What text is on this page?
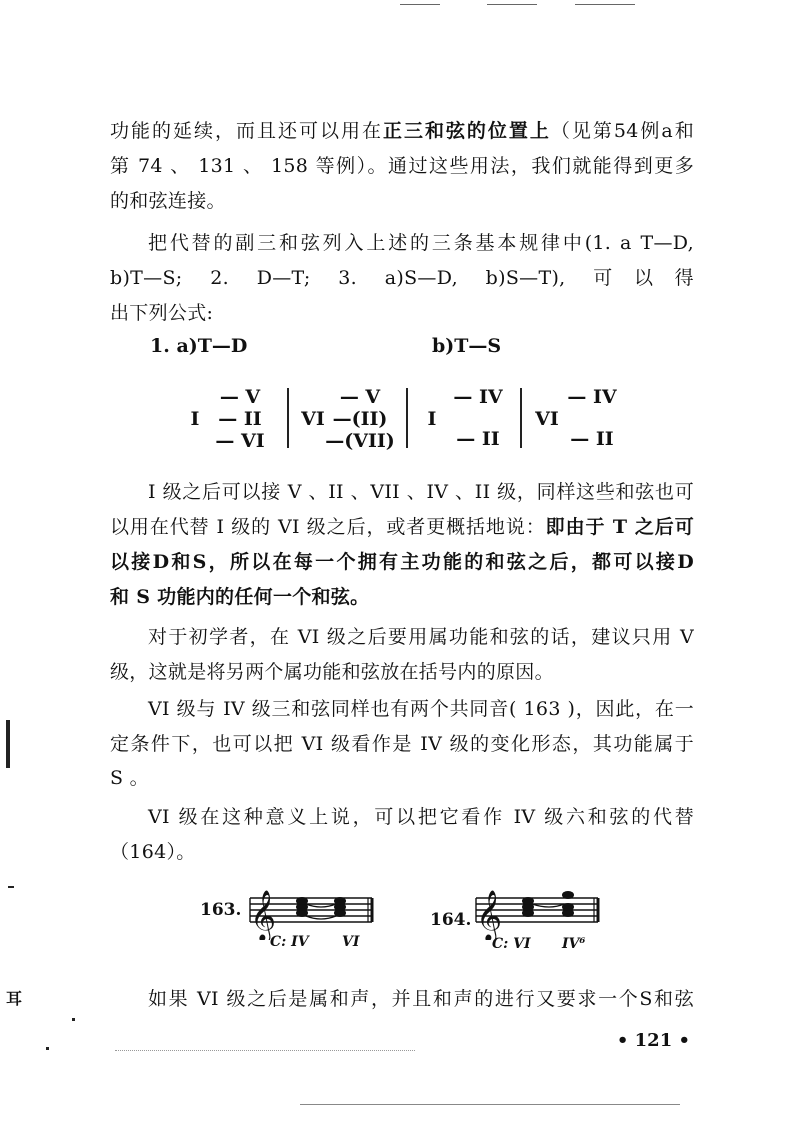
功能的延续，而且还可以用在正三和弦的位置上（见第54例a和
第 74 、 131 、 158 等例）。通过这些用法，我们就能得到更多
的和弦连接。
把代替的副三和弦列入上述的三条基本规律中(1. a T—D,
b)T—S; 2. D—T; 3. a)S—D, b)S—T), 可以得
出下列公式:
1. a)T—D	b)T—S
I
— V
— II
— VI
VI
— V
—(II)
—(VII)
I
— IV
— II
VI
— IV
— II
I 级之后可以接 V 、II 、VII 、IV 、II 级，同样这些和弦也可
以用在代替 I 级的 VI 级之后，或者更概括地说：即由于 T 之后可
以接D和S，所以在每一个拥有主功能的和弦之后，都可以接D
和 S 功能内的任何一个和弦。
对于初学者，在 VI 级之后要用属功能和弦的话，建议只用 V
级，这就是将另两个属功能和弦放在括号内的原因。
VI 级与 IV 级三和弦同样也有两个共同音( 163 )，因此，在一
定条件下，也可以把 VI 级看作是 IV 级的变化形态，其功能属于
S 。
VI 级在这种意义上说，可以把它看作 IV 级六和弦的代替
（164）。
163. 𝄞
C: IV VI
164. 𝄞
C: VI IV⁶
如果 VI 级之后是属和声，并且和声的进行又要求一个S和弦
• 121 •
耳
